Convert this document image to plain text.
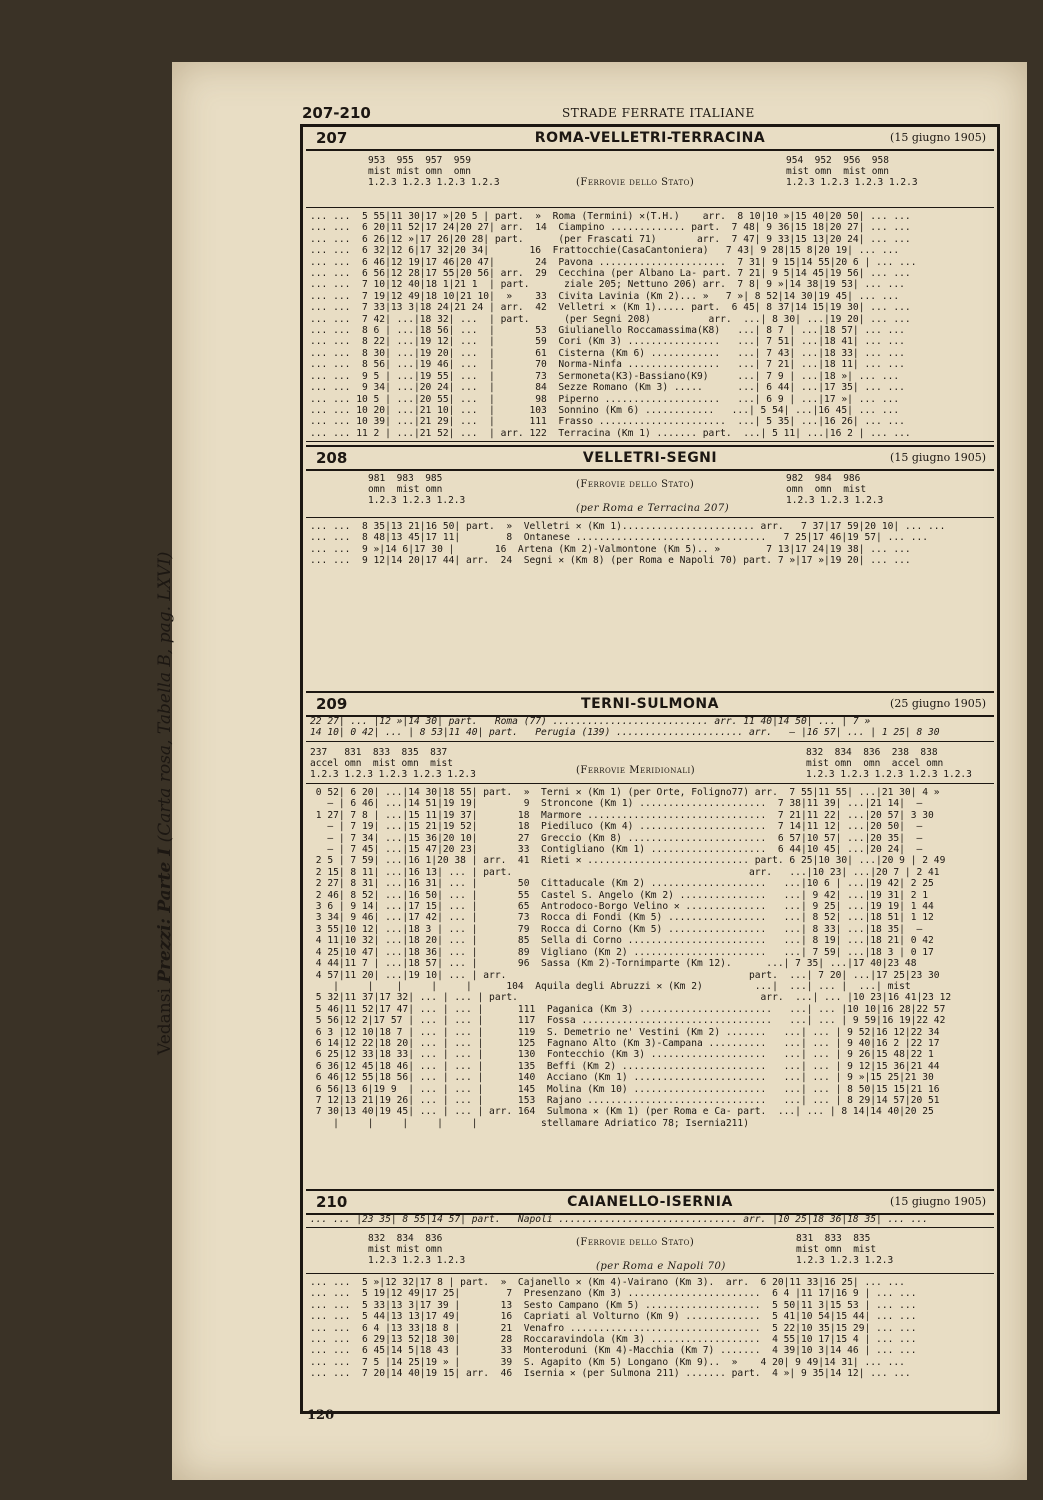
Vedansi Prezzi: Parte I (Carta rosa, Tabella B, pag. LXVI)
207-210	STRADE FERRATE ITALIANE
207	ROMA-VELLETRI-TERRACINA	(15 giugno 1905)
953  955  957  959
mist mist omn  omn
1.2.3 1.2.3 1.2.3 1.2.3	(Ferrovie dello Stato)
954  952  956  958
mist omn  mist omn
1.2.3 1.2.3 1.2.3 1.2.3
... ...  5 55|11 30|17 »|20 5 | part.  »  Roma (Termini) ✕(T.H.)    arr.  8 10|10 »|15 40|20 50| ... ...
... ...  6 20|11 52|17 24|20 27| arr.  14  Ciampino ............. part.  7 48| 9 36|15 18|20 27| ... ...
... ...  6 26|12 »|17 26|20 28| part.      (per Frascati 71)       arr.  7 47| 9 33|15 13|20 24| ... ...
... ...  6 32|12 6|17 32|20 34|       16  Frattocchie(CasaCantoniera)   7 43| 9 28|15 8|20 19| ... ...
... ...  6 46|12 19|17 46|20 47|       24  Pavona ......................  7 31| 9 15|14 55|20 6 | ... ...
... ...  6 56|12 28|17 55|20 56| arr.  29  Cecchina (per Albano La- part. 7 21| 9 5|14 45|19 56| ... ...
... ...  7 10|12 40|18 1|21 1  | part.      ziale 205; Nettuno 206) arr.  7 8| 9 »|14 38|19 53| ... ...
... ...  7 19|12 49|18 10|21 10|  »    33  Civita Lavinia (Km 2)... »   7 »| 8 52|14 30|19 45| ... ...
... ...  7 33|13 3|18 24|21 24 | arr.  42  Velletri ✕ (Km 1)..... part.  6 45| 8 37|14 15|19 30| ... ...
... ...  7 42| ...|18 32| ...  | part.      (per Segni 208)          arr.  ...| 8 30| ...|19 20| ... ...
... ...  8 6 | ...|18 56| ...  |       53  Giulianello Roccamassima(K8)   ...| 8 7 | ...|18 57| ... ...
... ...  8 22| ...|19 12| ...  |       59  Cori (Km 3) ................   ...| 7 51| ...|18 41| ... ...
... ...  8 30| ...|19 20| ...  |       61  Cisterna (Km 6) ............   ...| 7 43| ...|18 33| ... ...
... ...  8 56| ...|19 46| ...  |       70  Norma-Ninfa ................   ...| 7 21| ...|18 11| ... ...
... ...  9 5 | ...|19 55| ...  |       73  Sermoneta(K3)-Bassiano(K9)     ...| 7 9 | ...|18 »| ... ...
... ...  9 34| ...|20 24| ...  |       84  Sezze Romano (Km 3) .....      ...| 6 44| ...|17 35| ... ...
... ... 10 5 | ...|20 55| ...  |       98  Piperno ....................   ...| 6 9 | ...|17 »| ... ...
... ... 10 20| ...|21 10| ...  |      103  Sonnino (Km 6) ............   ...| 5 54| ...|16 45| ... ...
... ... 10 39| ...|21 29| ...  |      111  Frasso ......................  ...| 5 35| ...|16 26| ... ...
... ... 11 2 | ...|21 52| ...  | arr. 122  Terracina (Km 1) ....... part.  ...| 5 11| ...|16 2 | ... ...
208	VELLETRI-SEGNI	(15 giugno 1905)
981  983  985
omn  mist omn
1.2.3 1.2.3 1.2.3
(Ferrovie dello Stato)
982  984  986
omn  omn  mist
1.2.3 1.2.3 1.2.3
(per Roma e Terracina 207)
... ...  8 35|13 21|16 50| part.  »  Velletri ✕ (Km 1)....................... arr.   7 37|17 59|20 10| ... ...
... ...  8 48|13 45|17 11|        8  Ontanese .................................   7 25|17 46|19 57| ... ...
... ...  9 »|14 6|17 30 |       16  Artena (Km 2)-Valmontone (Km 5).. »        7 13|17 24|19 38| ... ...
... ...  9 12|14 20|17 44| arr.  24  Segni ✕ (Km 8) (per Roma e Napoli 70) part. 7 »|17 »|19 20| ... ...
209	TERNI-SULMONA	(25 giugno 1905)
22 27| ... |12 »|14 30| part.   Roma (77) ........................... arr. 11 40|14 50| ... | 7 »
14 10| 0 42| ... | 8 53|11 40| part.   Perugia (139) ...................... arr.   — |16 57| ... | 1 25| 8 30
237   831  833  835  837
accel omn  mist omn  mist
1.2.3 1.2.3 1.2.3 1.2.3 1.2.3	(Ferrovie Meridionali)
832  834  836  238  838
mist omn  omn  accel omn
1.2.3 1.2.3 1.2.3 1.2.3 1.2.3
0 52| 6 20| ...|14 30|18 55| part.  »  Terni ✕ (Km 1) (per Orte, Foligno77) arr.  7 55|11 55| ...|21 30| 4 »
— | 6 46| ...|14 51|19 19|        9  Stroncone (Km 1) ......................  7 38|11 39| ...|21 14|  —
1 27| 7 8 | ...|15 11|19 37|       18  Marmore ...............................  7 21|11 22| ...|20 57| 3 30
— | 7 19| ...|15 21|19 52|       18  Piediluco (Km 4) ......................  7 14|11 12| ...|20 50|  —
— | 7 34| ...|15 36|20 10|       27  Greccio (Km 8) ........................  6 57|10 57| ...|20 35|  —
— | 7 45| ...|15 47|20 23|       33  Contigliano (Km 1) ....................  6 44|10 45| ...|20 24|  —
2 5 | 7 59| ...|16 1|20 38 | arr.  41  Rieti ✕ ............................ part. 6 25|10 30| ...|20 9 | 2 49
2 15| 8 11| ...|16 13| ... | part.                                         arr.   ...|10 23| ...|20 7 | 2 41
2 27| 8 31| ...|16 31| ... |       50  Cittaducale (Km 2) ....................   ...|10 6 | ...|19 42| 2 25
2 46| 8 52| ...|16 50| ... |       55  Castel S. Angelo (Km 2) ...............   ...| 9 42| ...|19 31| 2 1
3 6 | 9 14| ...|17 15| ... |       65  Antrodoco-Borgo Velino ✕ ..............   ...| 9 25| ...|19 19| 1 44
3 34| 9 46| ...|17 42| ... |       73  Rocca di Fondi (Km 5) .................   ...| 8 52| ...|18 51| 1 12
3 55|10 12| ...|18 3 | ... |       79  Rocca di Corno (Km 5) .................   ...| 8 33| ...|18 35|  —
4 11|10 32| ...|18 20| ... |       85  Sella di Corno ........................   ...| 8 19| ...|18 21| 0 42
4 25|10 47| ...|18 36| ... |       89  Vigliano (Km 2) .......................   ...| 7 59| ...|18 3 | 0 17
4 44|11 7 | ...|18 57| ... |       96  Sassa (Km 2)-Tornimparte (Km 12).      ...| 7 35| ...|17 40|23 48
4 57|11 20| ...|19 10| ... | arr.                                          part.  ...| 7 20| ...|17 25|23 30
|     |    |     |     |      104  Aquila degli Abruzzi ✕ (Km 2)         ...|  ...| ... |  ...| mist
5 32|11 37|17 32| ... | ... | part.                                          arr.  ...| ... |10 23|16 41|23 12
5 46|11 52|17 47| ... | ... |      111  Paganica (Km 3) .......................   ...| ... |10 10|16 28|22 57
5 56|12 2|17 57 | ... | ... |      117  Fossa .................................   ...| ... | 9 59|16 19|22 42
6 3 |12 10|18 7 | ... | ... |      119  S. Demetrio ne' Vestini (Km 2) .......   ...| ... | 9 52|16 12|22 34
6 14|12 22|18 20| ... | ... |      125  Fagnano Alto (Km 3)-Campana ..........   ...| ... | 9 40|16 2 |22 17
6 25|12 33|18 33| ... | ... |      130  Fontecchio (Km 3) ....................   ...| ... | 9 26|15 48|22 1
6 36|12 45|18 46| ... | ... |      135  Beffi (Km 2) .........................   ...| ... | 9 12|15 36|21 44
6 46|12 55|18 56| ... | ... |      140  Acciano (Km 1) .......................   ...| ... | 9 »|15 25|21 30
6 56|13 6|19 9  | ... | ... |      145  Molina (Km 10) .......................   ...| ... | 8 50|15 15|21 16
7 12|13 21|19 26| ... | ... |      153  Rajano ...............................   ...| ... | 8 29|14 57|20 51
7 30|13 40|19 45| ... | ... | arr. 164  Sulmona ✕ (Km 1) (per Roma e Ca- part.  ...| ... | 8 14|14 40|20 25
|     |     |     |     |           stellamare Adriatico 78; Isernia211)
210	CAIANELLO-ISERNIA	(15 giugno 1905)
... ... |23 35| 8 55|14 57| part.   Napoli ............................... arr. |10 25|18 36|18 35| ... ...
832  834  836
mist mist omn
1.2.3 1.2.3 1.2.3
(Ferrovie dello Stato)
(per Roma e Napoli 70)
831  833  835
mist omn  mist
1.2.3 1.2.3 1.2.3
... ...  5 »|12 32|17 8 | part.  »  Cajanello ✕ (Km 4)-Vairano (Km 3).  arr.  6 20|11 33|16 25| ... ...
... ...  5 19|12 49|17 25|        7  Presenzano (Km 3) .......................  6 4 |11 17|16 9 | ... ...
... ...  5 33|13 3|17 39 |       13  Sesto Campano (Km 5) ....................  5 50|11 3|15 53 | ... ...
... ...  5 44|13 13|17 49|       16  Capriati al Volturno (Km 9) .............  5 41|10 54|15 44| ... ...
... ...  6 4 |13 33|18 8 |       21  Venafro .................................  5 22|10 35|15 29| ... ...
... ...  6 29|13 52|18 30|       28  Roccaravindola (Km 3) ...................  4 55|10 17|15 4 | ... ...
... ...  6 45|14 5|18 43 |       33  Monteroduni (Km 4)-Macchia (Km 7) .......  4 39|10 3|14 46 | ... ...
... ...  7 5 |14 25|19 » |       39  S. Agapito (Km 5) Longano (Km 9)..  »    4 20| 9 49|14 31| ... ...
... ...  7 20|14 40|19 15| arr.  46  Isernia ✕ (per Sulmona 211) ....... part.  4 »| 9 35|14 12| ... ...
120
